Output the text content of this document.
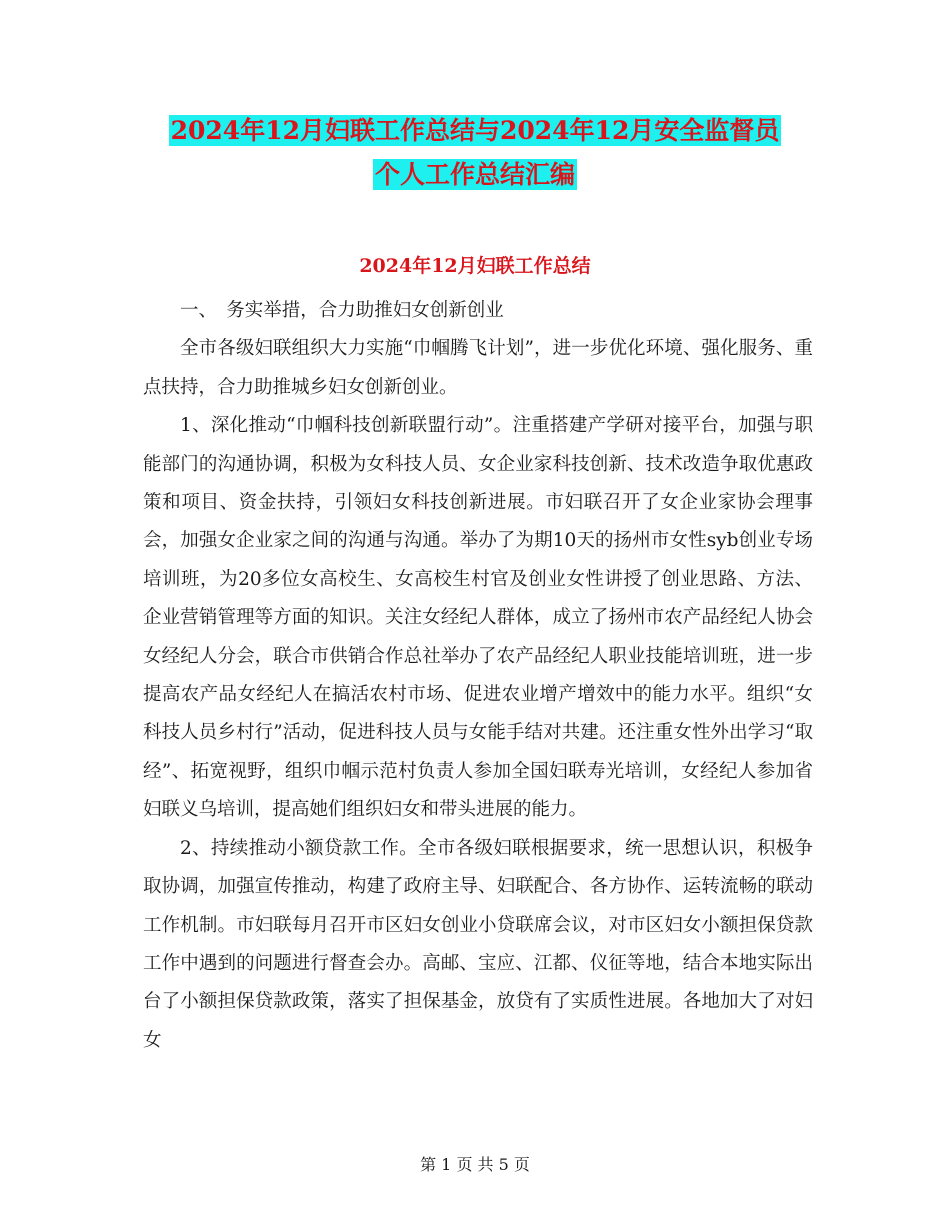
2024年12月妇联工作总结与2024年12月安全监督员
个人工作总结汇编
2024年12月妇联工作总结

一、　务实举措，合力助推妇女创新创业

全市各级妇联组织大力实施“巾帼腾飞计划”，进一步优化环境、强化服务、重点扶持，合力助推城乡妇女创新创业。

1、深化推动“巾帼科技创新联盟行动”。注重搭建产学研对接平台，加强与职能部门的沟通协调，积极为女科技人员、女企业家科技创新、技术改造争取优惠政策和项目、资金扶持，引领妇女科技创新进展。市妇联召开了女企业家协会理事会，加强女企业家之间的沟通与沟通。举办了为期10天的扬州市女性syb创业专场培训班，为20多位女高校生、女高校生村官及创业女性讲授了创业思路、方法、企业营销管理等方面的知识。关注女经纪人群体，成立了扬州市农产品经纪人协会女经纪人分会，联合市供销合作总社举办了农产品经纪人职业技能培训班，进一步提高农产品女经纪人在搞活农村市场、促进农业增产增效中的能力水平。组织“女科技人员乡村行”活动，促进科技人员与女能手结对共建。还注重女性外出学习“取经”、拓宽视野，组织巾帼示范村负责人参加全国妇联寿光培训，女经纪人参加省妇联义乌培训，提高她们组织妇女和带头进展的能力。

2、持续推动小额贷款工作。全市各级妇联根据要求，统一思想认识，积极争取协调，加强宣传推动，构建了政府主导、妇联配合、各方协作、运转流畅的联动工作机制。市妇联每月召开市区妇女创业小贷联席会议，对市区妇女小额担保贷款工作中遇到的问题进行督查会办。高邮、宝应、江都、仪征等地，结合本地实际出台了小额担保贷款政策，落实了担保基金，放贷有了实质性进展。各地加大了对妇女

第 1 页 共 5 页
